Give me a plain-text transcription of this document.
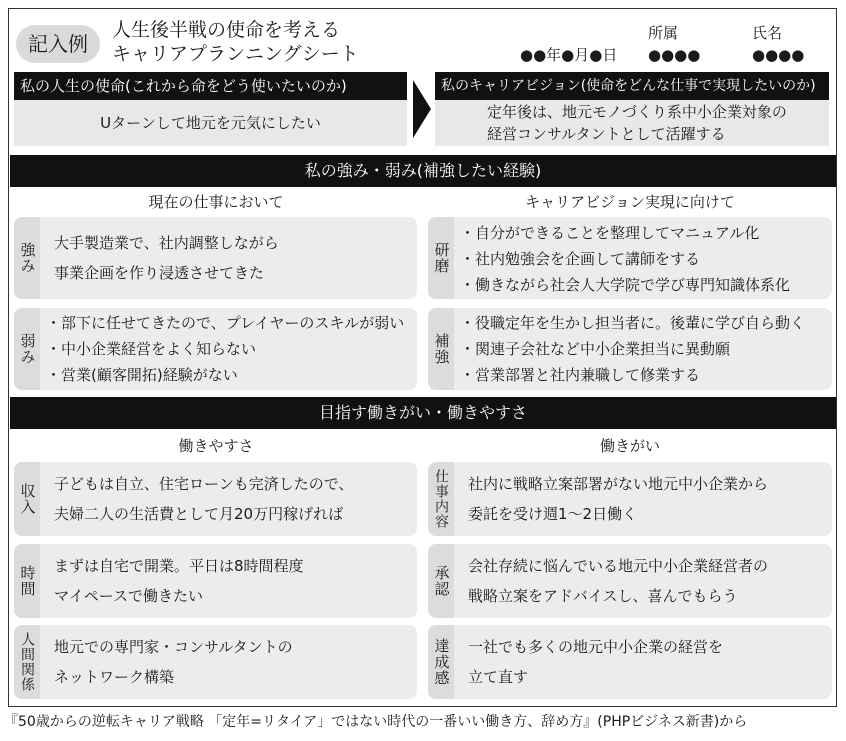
記入例
人生後半戦の使命を考える
キャリアプランニングシート	●●年●月●日
所属
●●●●
氏名
●●●●
私の人生の使命(これから命をどう使いたいのか)
Uターンして地元を元気にしたい
私のキャリアビジョン(使命をどんな仕事で実現したいのか)
定年後は、地元モノづくり系中小企業対象の
経営コンサルタントとして活躍する
私の強み・弱み(補強したい経験)
現在の仕事において	キャリアビジョン実現に向けて
強み 大手製造業で、社内調整しながら
事業企画を作り浸透させてきた
弱み
・部下に任せてきたので、プレイヤーのスキルが弱い
・中小企業経営をよく知らない
・営業(顧客開拓)経験がない
研磨
・自分ができることを整理してマニュアル化
・社内勉強会を企画して講師をする
・働きながら社会人大学院で学び専門知識体系化
補強
・役職定年を生かし担当者に。後輩に学び自ら動く
・関連子会社など中小企業担当に異動願
・営業部署と社内兼職して修業する
目指す働きがい・働きやすさ
働きやすさ	働きがい
収入 子どもは自立、住宅ローンも完済したので、
夫婦二人の生活費として月20万円稼げれば
時間 まずは自宅で開業。平日は8時間程度
マイペースで働きたい
人間関係 地元での専門家・コンサルタントの
ネットワーク構築
仕事内容 社内に戦略立案部署がない地元中小企業から
委託を受け週1〜2日働く
承認 会社存続に悩んでいる地元中小企業経営者の
戦略立案をアドバイスし、喜んでもらう
達成感 一社でも多くの地元中小企業の経営を
立て直す
『50歳からの逆転キャリア戦略 「定年=リタイア」ではない時代の一番いい働き方、辞め方』(PHPビジネス新書)から
